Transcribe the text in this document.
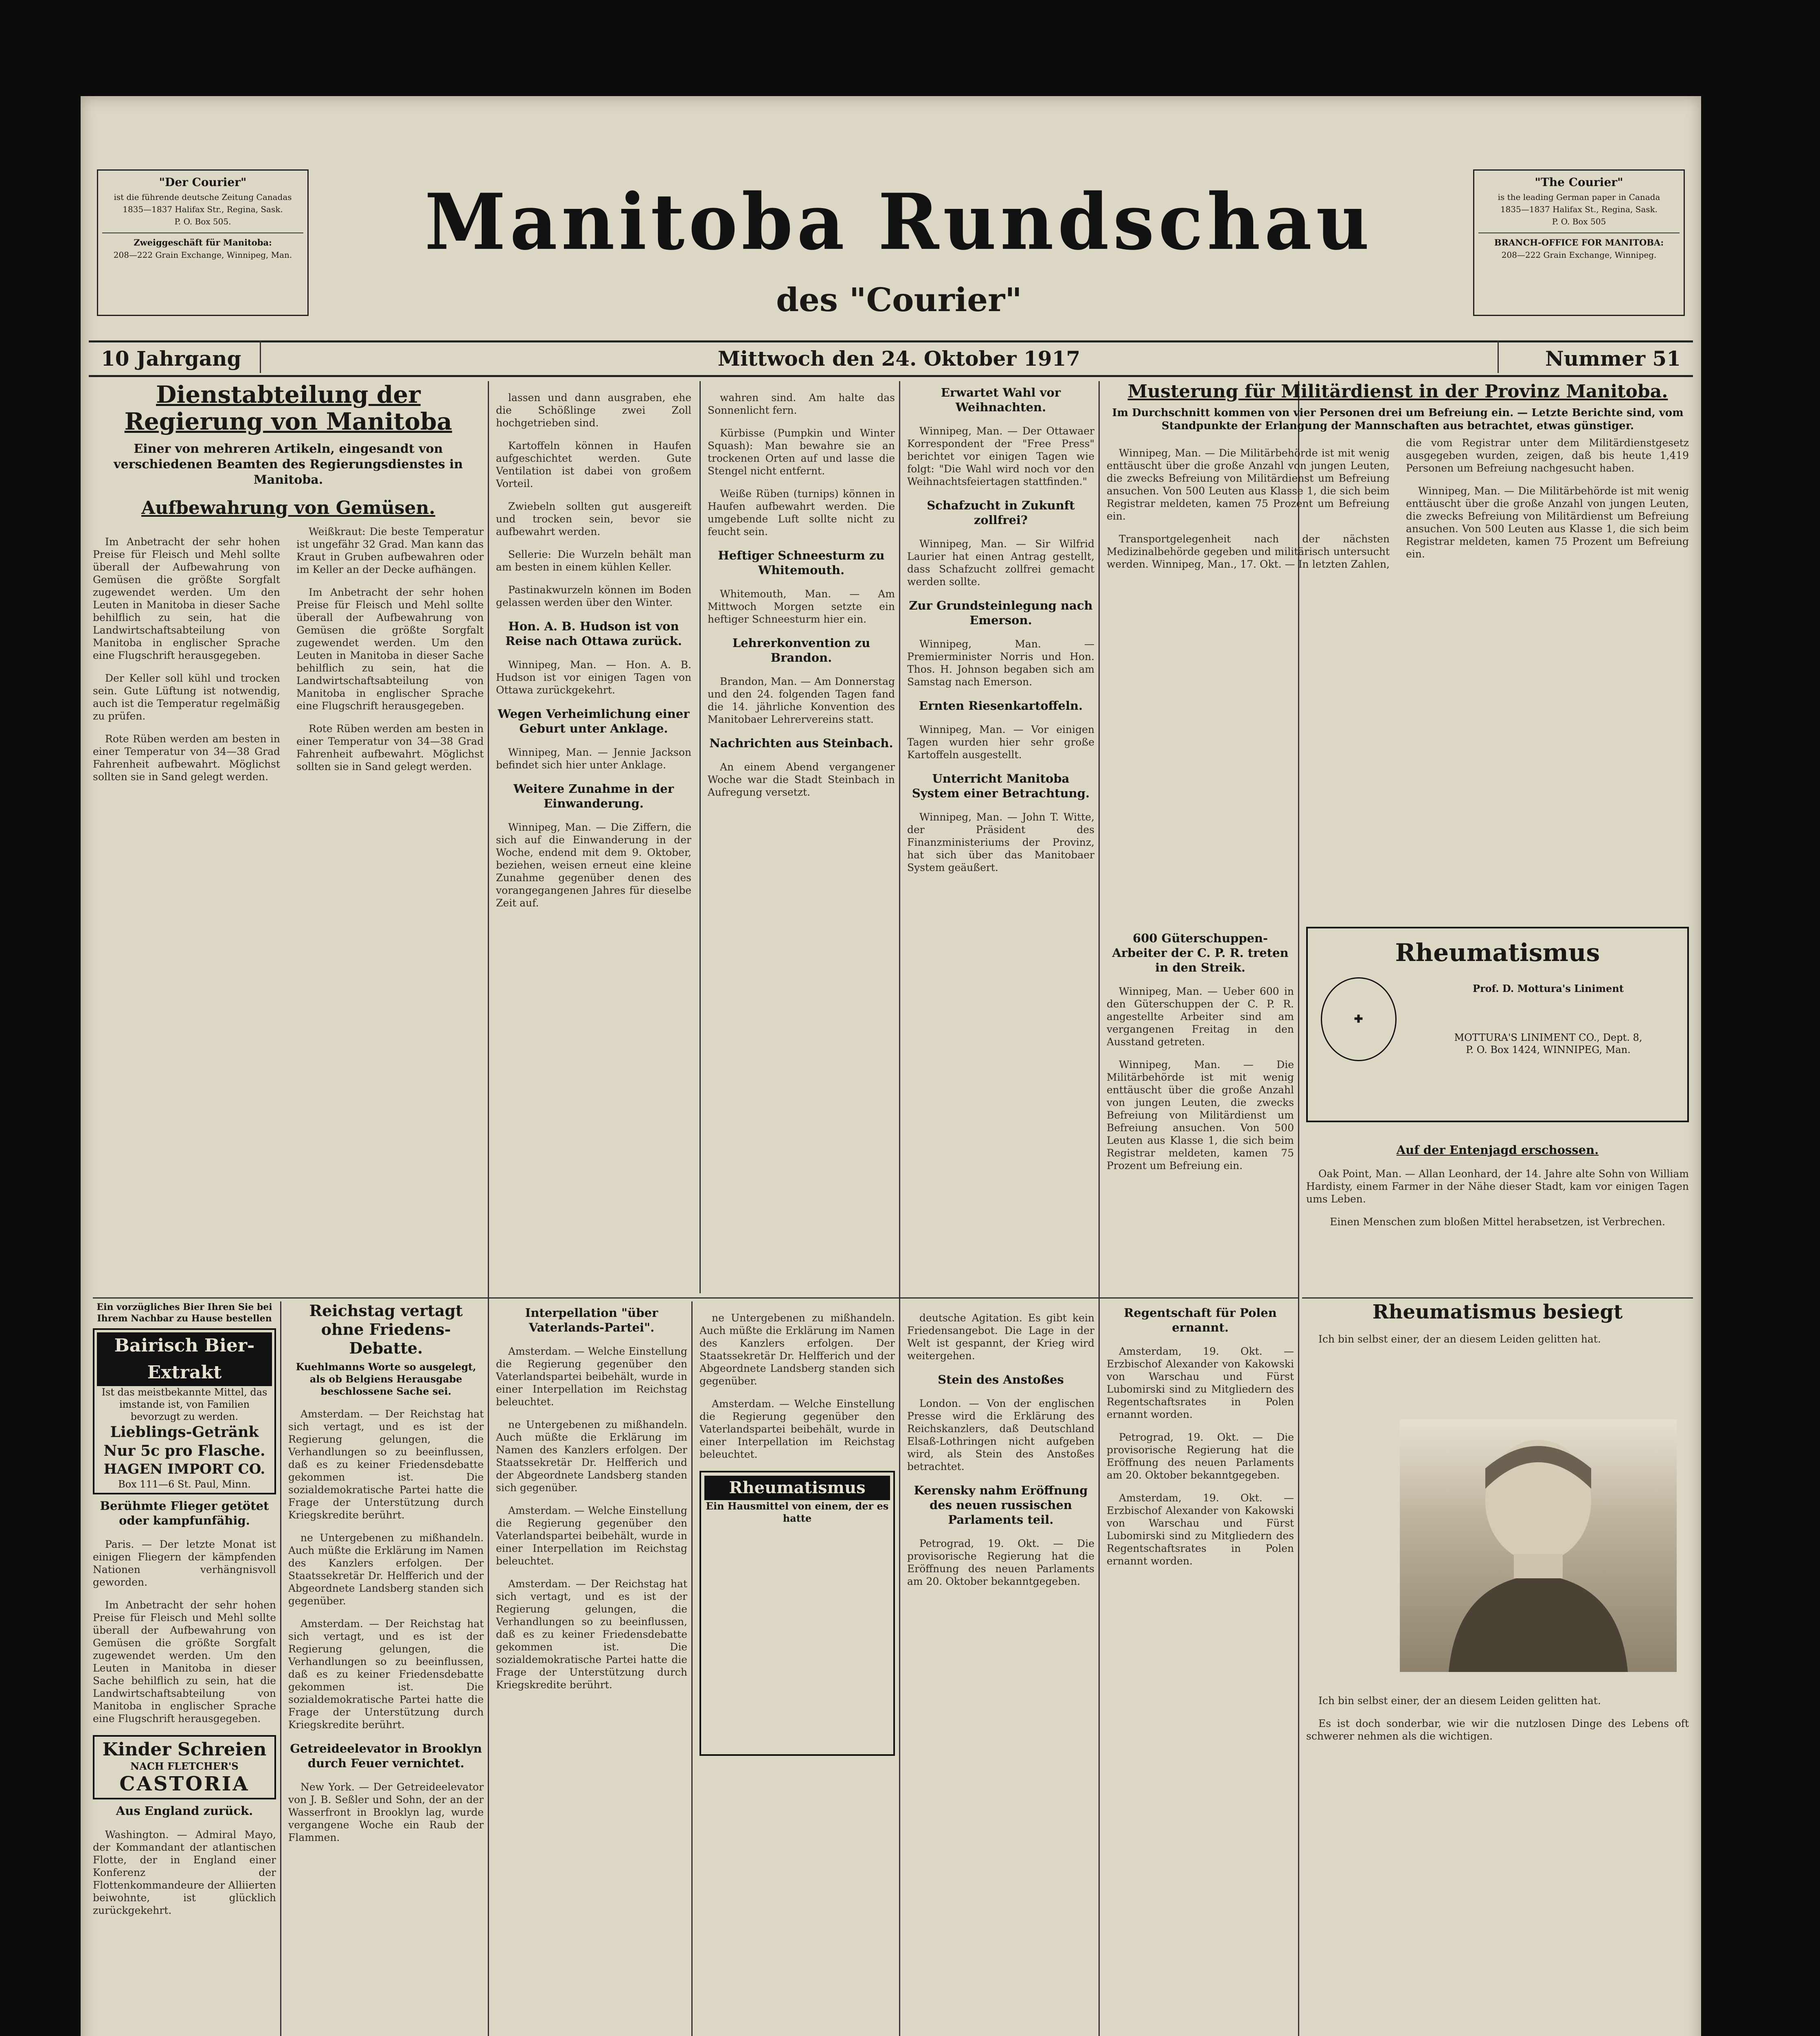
"Der Courier"
ist die führende deutsche Zeitung Canadas
1835—1837 Halifax Str., Regina, Sask.
P. O. Box 505.
Zweiggeschäft für Manitoba:
208—222 Grain Exchange, Winnipeg, Man.	Manitoba Rundschau
des "Courier"
"The Courier"
is the leading German paper in Canada
1835—1837 Halifax St., Regina, Sask.
P. O. Box 505
BRANCH-OFFICE FOR MANITOBA:
208—222 Grain Exchange, Winnipeg.
10 Jahrgang	Mittwoch den 24. Oktober 1917	Nummer 51
Dienstabteilung der Regierung von Manitoba
Einer von mehreren Artikeln, eingesandt von verschiedenen Beamten des Regierungsdienstes in Manitoba.
Aufbewahrung von Gemüsen.

Im Anbetracht der sehr hohen Preise für Fleisch und Mehl sollte überall der Aufbewahrung von Gemüsen die größte Sorgfalt zugewendet werden. Um den Leuten in Manitoba in dieser Sache behilflich zu sein, hat die Landwirtschaftsabteilung von Manitoba in englischer Sprache eine Flugschrift herausgegeben.

Der Keller soll kühl und trocken sein. Gute Lüftung ist notwendig, auch ist die Temperatur regelmäßig zu prüfen.

Rote Rüben werden am besten in einer Temperatur von 34—38 Grad Fahrenheit aufbewahrt. Möglichst sollten sie in Sand gelegt werden.

Weißkraut: Die beste Temperatur ist ungefähr 32 Grad. Man kann das Kraut in Gruben aufbewahren oder im Keller an der Decke aufhängen.

Im Anbetracht der sehr hohen Preise für Fleisch und Mehl sollte überall der Aufbewahrung von Gemüsen die größte Sorgfalt zugewendet werden. Um den Leuten in Manitoba in dieser Sache behilflich zu sein, hat die Landwirtschaftsabteilung von Manitoba in englischer Sprache eine Flugschrift herausgegeben.

Rote Rüben werden am besten in einer Temperatur von 34—38 Grad Fahrenheit aufbewahrt. Möglichst sollten sie in Sand gelegt werden.

lassen und dann ausgraben, ehe die Schößlinge zwei Zoll hochgetrieben sind.

Kartoffeln können in Haufen aufgeschichtet werden. Gute Ventilation ist dabei von großem Vorteil.

Zwiebeln sollten gut ausgereift und trocken sein, bevor sie aufbewahrt werden.

Sellerie: Die Wurzeln behält man am besten in einem kühlen Keller.

Pastinakwurzeln können im Boden gelassen werden über den Winter.

Hon. A. B. Hudson ist von Reise nach Ottawa zurück.

Winnipeg, Man. — Hon. A. B. Hudson ist vor einigen Tagen von Ottawa zurückgekehrt.

Wegen Verheimlichung einer Geburt unter Anklage.

Winnipeg, Man. — Jennie Jackson befindet sich hier unter Anklage.

Weitere Zunahme in der Einwanderung.

Winnipeg, Man. — Die Ziffern, die sich auf die Einwanderung in der Woche, endend mit dem 9. Oktober, beziehen, weisen erneut eine kleine Zunahme gegenüber denen des vorangegangenen Jahres für dieselbe Zeit auf.

wahren sind. Am halte das Sonnenlicht fern.

Kürbisse (Pumpkin und Winter Squash): Man bewahre sie an trockenen Orten auf und lasse die Stengel nicht entfernt.

Weiße Rüben (turnips) können in Haufen aufbewahrt werden. Die umgebende Luft sollte nicht zu feucht sein.

Heftiger Schneesturm zu Whitemouth.

Whitemouth, Man. — Am Mittwoch Morgen setzte ein heftiger Schneesturm hier ein.

Lehrerkonvention zu Brandon.

Brandon, Man. — Am Donnerstag und den 24. folgenden Tagen fand die 14. jährliche Konvention des Manitobaer Lehrervereins statt.

Nachrichten aus Steinbach.

An einem Abend vergangener Woche war die Stadt Steinbach in Aufregung versetzt.

Erwartet Wahl vor Weihnachten.

Winnipeg, Man. — Der Ottawaer Korrespondent der "Free Press" berichtet vor einigen Tagen wie folgt: "Die Wahl wird noch vor den Weihnachtsfeiertagen stattfinden."

Schafzucht in Zukunft zollfrei?

Winnipeg, Man. — Sir Wilfrid Laurier hat einen Antrag gestellt, dass Schafzucht zollfrei gemacht werden sollte.

Zur Grundsteinlegung nach Emerson.

Winnipeg, Man. — Premierminister Norris und Hon. Thos. H. Johnson begaben sich am Samstag nach Emerson.

Ernten Riesenkartoffeln.

Winnipeg, Man. — Vor einigen Tagen wurden hier sehr große Kartoffeln ausgestellt.

Unterricht Manitoba System einer Betrachtung.

Winnipeg, Man. — John T. Witte, der Präsident des Finanzministeriums der Provinz, hat sich über das Manitobaer System geäußert.

Musterung für Militärdienst in der Provinz Manitoba.
Im Durchschnitt kommen von vier Personen drei um Befreiung ein. — Letzte Berichte sind, vom Standpunkte der Erlangung der Mannschaften aus betrachtet, etwas günstiger.

Winnipeg, Man. — Die Militärbehörde ist mit wenig enttäuscht über die große Anzahl von jungen Leuten, die zwecks Befreiung von Militärdienst um Befreiung ansuchen. Von 500 Leuten aus Klasse 1, die sich beim Registrar meldeten, kamen 75 Prozent um Befreiung ein.

Transportgelegenheit nach der nächsten Medizinalbehörde gegeben und militärisch untersucht werden. Winnipeg, Man., 17. Okt. — In letzten Zahlen, die vom Registrar unter dem Militärdienstgesetz ausgegeben wurden, zeigen, daß bis heute 1,419 Personen um Befreiung nachgesucht haben.

Winnipeg, Man. — Die Militärbehörde ist mit wenig enttäuscht über die große Anzahl von jungen Leuten, die zwecks Befreiung von Militärdienst um Befreiung ansuchen. Von 500 Leuten aus Klasse 1, die sich beim Registrar meldeten, kamen 75 Prozent um Befreiung ein.

600 Güterschuppen-Arbeiter der C. P. R. treten in den Streik.

Winnipeg, Man. — Ueber 600 in den Güterschuppen der C. P. R. angestellte Arbeiter sind am vergangenen Freitag in den Ausstand getreten.

Winnipeg, Man. — Die Militärbehörde ist mit wenig enttäuscht über die große Anzahl von jungen Leuten, die zwecks Befreiung von Militärdienst um Befreiung ansuchen. Von 500 Leuten aus Klasse 1, die sich beim Registrar meldeten, kamen 75 Prozent um Befreiung ein.

Rheumatismus
✚
Prof. D. Mottura's Liniment
MOTTURA'S LINIMENT CO., Dept. 8,
P. O. Box 1424, WINNIPEG, Man.
Auf der Entenjagd erschossen.

Oak Point, Man. — Allan Leonhard, der 14. Jahre alte Sohn von William Hardisty, einem Farmer in der Nähe dieser Stadt, kam vor einigen Tagen ums Leben.

Einen Menschen zum bloßen Mittel herabsetzen, ist Verbrechen.

Ein vorzügliches Bier Ihren Sie bei Ihrem Nachbar zu Hause bestellen
Bairisch Bier-Extrakt
Ist das meistbekannte Mittel, das imstande ist, von Familien bevorzugt zu werden.
Lieblings-Getränk
Nur 5c pro Flasche.
HAGEN IMPORT CO.
Box 111—6 St. Paul, Minn.
Berühmte Flieger getötet oder kampfunfähig.

Paris. — Der letzte Monat ist einigen Fliegern der kämpfenden Nationen verhängnisvoll geworden.

Im Anbetracht der sehr hohen Preise für Fleisch und Mehl sollte überall der Aufbewahrung von Gemüsen die größte Sorgfalt zugewendet werden. Um den Leuten in Manitoba in dieser Sache behilflich zu sein, hat die Landwirtschaftsabteilung von Manitoba in englischer Sprache eine Flugschrift herausgegeben.

Kinder Schreien
NACH FLETCHER'S
CASTORIA
Aus England zurück.

Washington. — Admiral Mayo, der Kommandant der atlantischen Flotte, der in England einer Konferenz der Flottenkommandeure der Alliierten beiwohnte, ist glücklich zurückgekehrt.

Reichstag vertagt ohne Friedens-Debatte.
Kuehlmanns Worte so ausgelegt, als ob Belgiens Herausgabe beschlossene Sache sei.

Amsterdam. — Der Reichstag hat sich vertagt, und es ist der Regierung gelungen, die Verhandlungen so zu beeinflussen, daß es zu keiner Friedensdebatte gekommen ist. Die sozialdemokratische Partei hatte die Frage der Unterstützung durch Kriegskredite berührt.

ne Untergebenen zu mißhandeln. Auch müßte die Erklärung im Namen des Kanzlers erfolgen. Der Staatssekretär Dr. Helfferich und der Abgeordnete Landsberg standen sich gegenüber.

Amsterdam. — Der Reichstag hat sich vertagt, und es ist der Regierung gelungen, die Verhandlungen so zu beeinflussen, daß es zu keiner Friedensdebatte gekommen ist. Die sozialdemokratische Partei hatte die Frage der Unterstützung durch Kriegskredite berührt.

Getreideelevator in Brooklyn durch Feuer vernichtet.

New York. — Der Getreideelevator von J. B. Seßler und Sohn, der an der Wasserfront in Brooklyn lag, wurde vergangene Woche ein Raub der Flammen.

Interpellation "über Vaterlands-Partei".

Amsterdam. — Welche Einstellung die Regierung gegenüber den Vaterlandspartei beibehält, wurde in einer Interpellation im Reichstag beleuchtet.

ne Untergebenen zu mißhandeln. Auch müßte die Erklärung im Namen des Kanzlers erfolgen. Der Staatssekretär Dr. Helfferich und der Abgeordnete Landsberg standen sich gegenüber.

Amsterdam. — Welche Einstellung die Regierung gegenüber den Vaterlandspartei beibehält, wurde in einer Interpellation im Reichstag beleuchtet.

Amsterdam. — Der Reichstag hat sich vertagt, und es ist der Regierung gelungen, die Verhandlungen so zu beeinflussen, daß es zu keiner Friedensdebatte gekommen ist. Die sozialdemokratische Partei hatte die Frage der Unterstützung durch Kriegskredite berührt.

ne Untergebenen zu mißhandeln. Auch müßte die Erklärung im Namen des Kanzlers erfolgen. Der Staatssekretär Dr. Helfferich und der Abgeordnete Landsberg standen sich gegenüber.

Amsterdam. — Welche Einstellung die Regierung gegenüber den Vaterlandspartei beibehält, wurde in einer Interpellation im Reichstag beleuchtet.

Rheumatismus
Ein Hausmittel von einem, der es hatte

deutsche Agitation. Es gibt kein Friedensangebot. Die Lage in der Welt ist gespannt, der Krieg wird weitergehen.

Stein des Anstoßes

London. — Von der englischen Presse wird die Erklärung des Reichskanzlers, daß Deutschland Elsaß-Lothringen nicht aufgeben wird, als Stein des Anstoßes betrachtet.

Kerensky nahm Eröffnung des neuen russischen Parlaments teil.

Petrograd, 19. Okt. — Die provisorische Regierung hat die Eröffnung des neuen Parlaments am 20. Oktober bekanntgegeben.

Regentschaft für Polen ernannt.

Amsterdam, 19. Okt. — Erzbischof Alexander von Kakowski von Warschau und Fürst Lubomirski sind zu Mitgliedern des Regentschaftsrates in Polen ernannt worden.

Petrograd, 19. Okt. — Die provisorische Regierung hat die Eröffnung des neuen Parlaments am 20. Oktober bekanntgegeben.

Amsterdam, 19. Okt. — Erzbischof Alexander von Kakowski von Warschau und Fürst Lubomirski sind zu Mitgliedern des Regentschaftsrates in Polen ernannt worden.

Rheumatismus besiegt

Ich bin selbst einer, der an diesem Leiden gelitten hat.

Ich bin selbst einer, der an diesem Leiden gelitten hat.

Es ist doch sonderbar, wie wir die nutzlosen Dinge des Lebens oft schwerer nehmen als die wichtigen.
